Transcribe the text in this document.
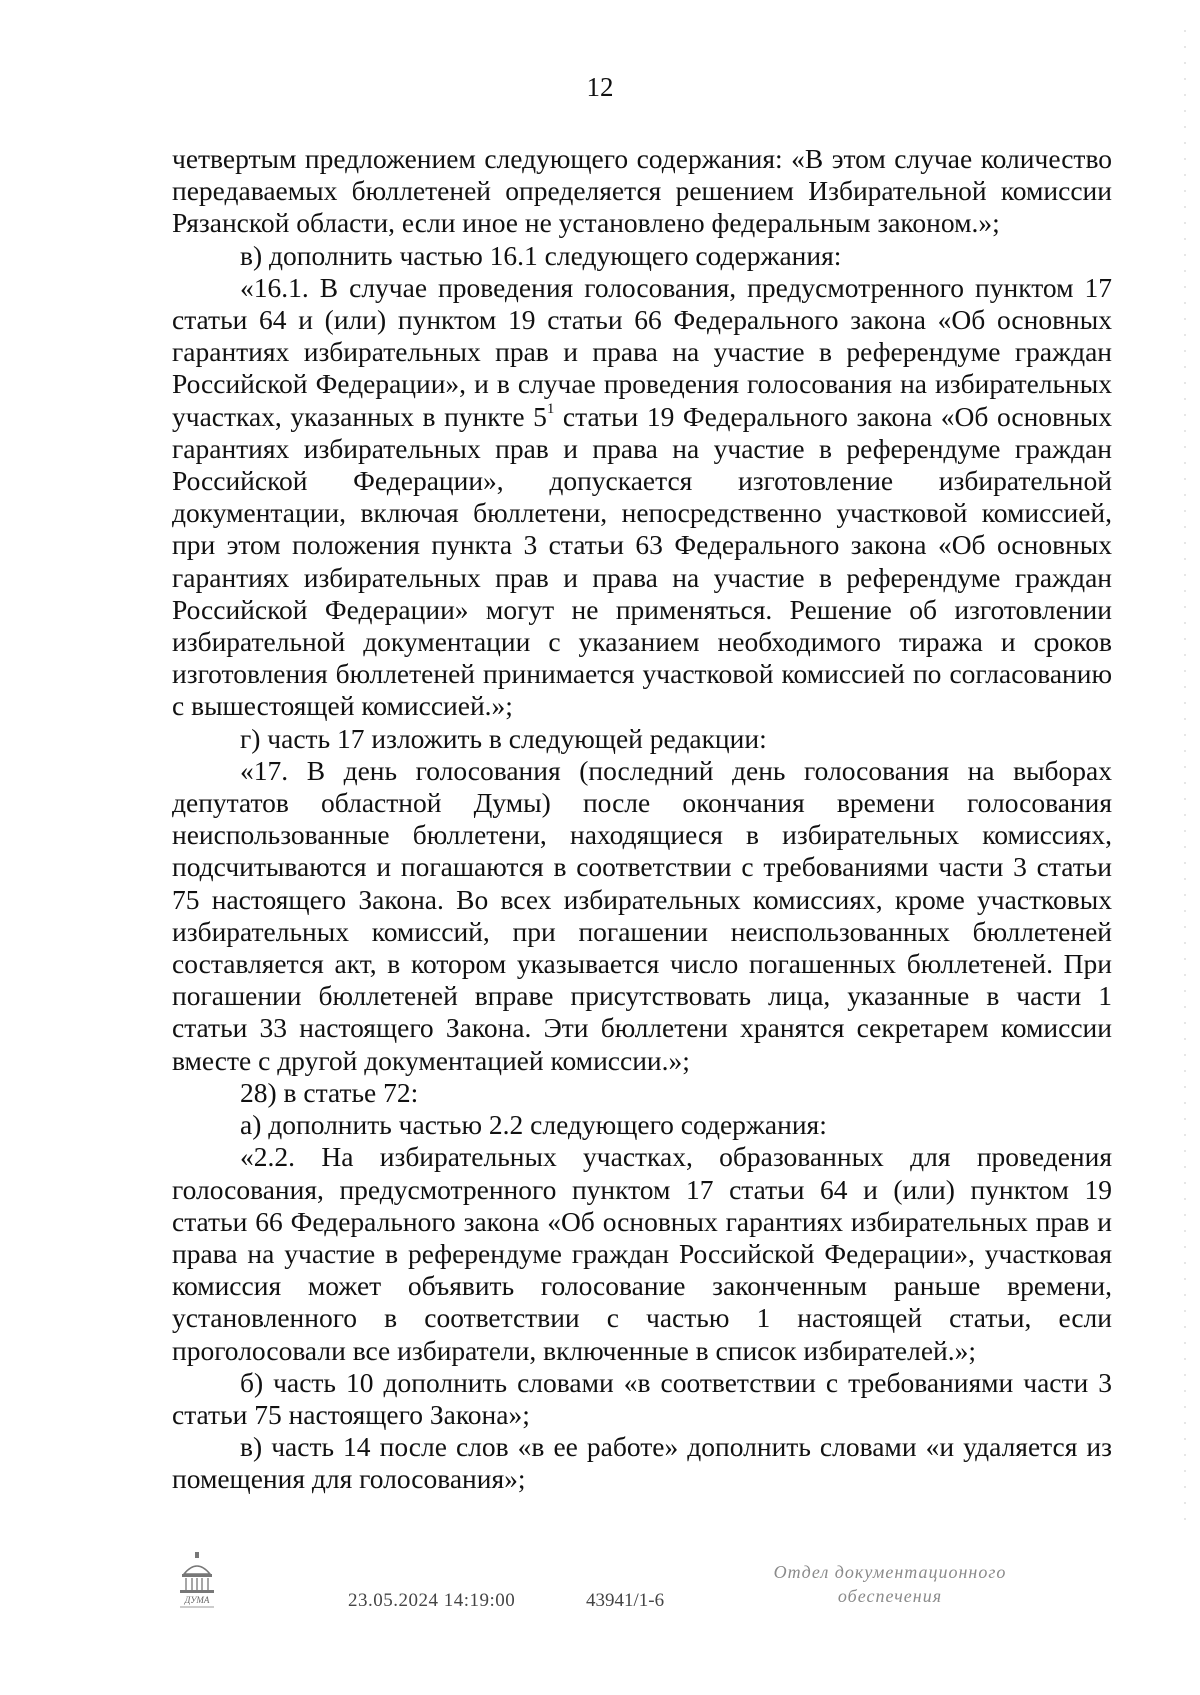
12

четвертым предложением следующего содержания: «В этом случае количество передаваемых бюллетеней определяется решением Избирательной комиссии Рязанской области, если иное не установлено федеральным законом.»;

в) дополнить частью 16.1 следующего содержания:

«16.1. В случае проведения голосования, предусмотренного пунктом 17 статьи 64 и (или) пунктом 19 статьи 66 Федерального закона «Об основных гарантиях избирательных прав и права на участие в референдуме граждан Российской Федерации», и в случае проведения голосования на избирательных участках, указанных в пункте $5^1$ статьи 19 Федерального закона «Об основных гарантиях избирательных прав и права на участие в референдуме граждан Российской Федерации», допускается изготовление избирательной документации, включая бюллетени, непосредственно участковой комиссией, при этом положения пункта 3 статьи 63 Федерального закона «Об основных гарантиях избирательных прав и права на участие в референдуме граждан Российской Федерации» могут не применяться. Решение об изготовлении избирательной документации с указанием необходимого тиража и сроков изготовления бюллетеней принимается участковой комиссией по согласованию с вышестоящей комиссией.»;

г) часть 17 изложить в следующей редакции:

«17. В день голосования (последний день голосования на выборах депутатов областной Думы) после окончания времени голосования неиспользованные бюллетени, находящиеся в избирательных комиссиях, подсчитываются и погашаются в соответствии с требованиями части 3 статьи 75 настоящего Закона. Во всех избирательных комиссиях, кроме участковых избирательных комиссий, при погашении неиспользованных бюллетеней составляется акт, в котором указывается число погашенных бюллетеней. При погашении бюллетеней вправе присутствовать лица, указанные в части 1 статьи 33 настоящего Закона. Эти бюллетени хранятся секретарем комиссии вместе с другой документацией комиссии.»;

28) в статье 72:

а) дополнить частью 2.2 следующего содержания:

«2.2. На избирательных участках, образованных для проведения голосования, предусмотренного пунктом 17 статьи 64 и (или) пунктом 19 статьи 66 Федерального закона «Об основных гарантиях избирательных прав и права на участие в референдуме граждан Российской Федерации», участковая комиссия может объявить голосование законченным раньше времени, установленного в соответствии с частью 1 настоящей статьи, если проголосовали все избиратели, включенные в список избирателей.»;

б) часть 10 дополнить словами «в соответствии с требованиями части 3 статьи 75 настоящего Закона»;

в) часть 14 после слов «в ее работе» дополнить словами «и удаляется из помещения для голосования»;

ДУМА	23.05.2024 14:19:00	43941/1-6
Отдел документационного
обеспечения
